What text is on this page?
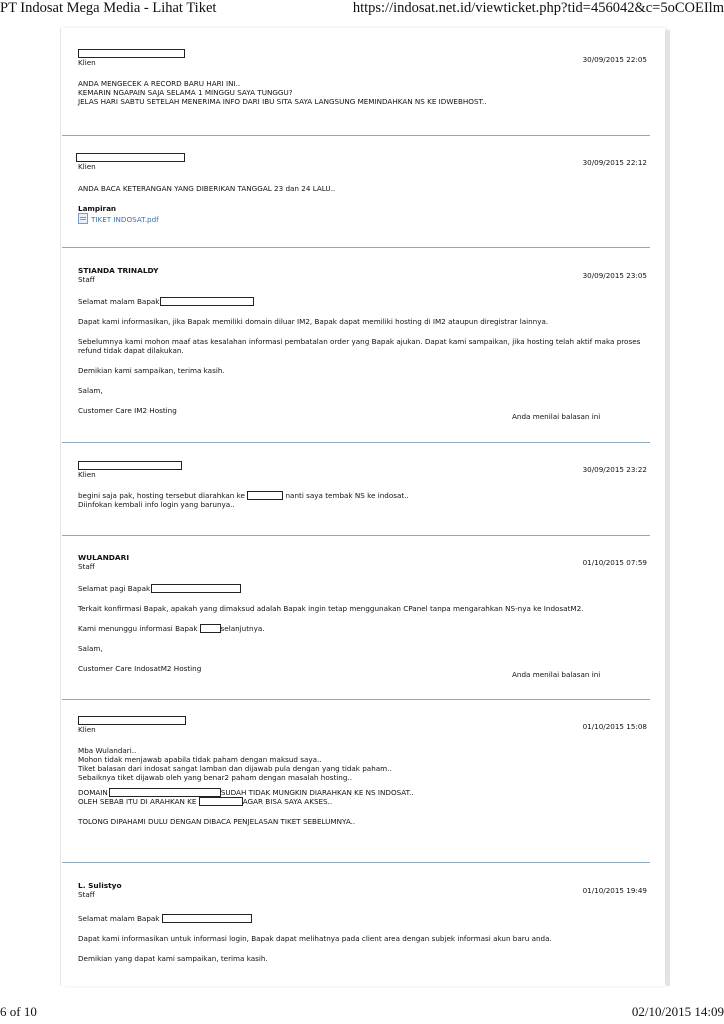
PT Indosat Mega Media - Lihat Tiket	https://indosat.net.id/viewticket.php?tid=456042&c=5oCOEIlm
Klien	30/09/2015 22:05

ANDA MENGECEK A RECORD BARU HARI INI..

KEMARIN NGAPAIN SAJA SELAMA 1 MINGGU SAYA TUNGGU?

JELAS HARI SABTU SETELAH MENERIMA INFO DARI IBU SITA SAYA LANGSUNG MEMINDAHKAN NS KE IDWEBHOST..

Klien	30/09/2015 22:12

ANDA BACA KETERANGAN YANG DIBERIKAN TANGGAL 23 dan 24 LALU..

Lampiran

TIKET INDOSAT.pdf

STIANDA TRINALDY
Staff	30/09/2015 23:05

Selamat malam Bapak

Dapat kami informasikan, jika Bapak memiliki domain diluar IM2, Bapak dapat memiliki hosting di IM2 ataupun diregistrar lainnya.

Sebelumnya kami mohon maaf atas kesalahan informasi pembatalan order yang Bapak ajukan. Dapat kami sampaikan, jika hosting telah aktif maka proses refund tidak dapat dilakukan.

Demikian kami sampaikan, terima kasih.

Salam,

Customer Care IM2 Hosting

Anda menilai balasan ini
Klien
30/09/2015 23:22

begini saja pak, hosting tersebut diarahkan ke	nanti saya tembak NS ke indosat..

Diinfokan kembali info login yang barunya..

WULANDARI
Staff	01/10/2015 07:59

Selamat pagi Bapak

Terkait konfirmasi Bapak, apakah yang dimaksud adalah Bapak ingin tetap menggunakan CPanel tanpa mengarahkan NS-nya ke IndosatM2.

Kami menunggu informasi Bapak	selanjutnya.

Salam,

Customer Care IndosatM2 Hosting

Anda menilai balasan ini
Klien	01/10/2015 15:08

Mba Wulandari..

Mohon tidak menjawab apabila tidak paham dengan maksud saya..

Tiket balasan dari indosat sangat lamban dan dijawab pula dengan yang tidak paham..

Sebaiknya tiket dijawab oleh yang benar2 paham dengan masalah hosting..

DOMAIN	SUDAH TIDAK MUNGKIN DIARAHKAN KE NS INDOSAT..

OLEH SEBAB ITU DI ARAHKAN KE	AGAR BISA SAYA AKSES..

TOLONG DIPAHAMI DULU DENGAN DIBACA PENJELASAN TIKET SEBELUMNYA..

L. Sulistyo
Staff	01/10/2015 19:49

Selamat malam Bapak

Dapat kami informasikan untuk informasi login, Bapak dapat melihatnya pada client area dengan subjek informasi akun baru anda.

Demikian yang dapat kami sampaikan, terima kasih.

6 of 10	02/10/2015 14:09
